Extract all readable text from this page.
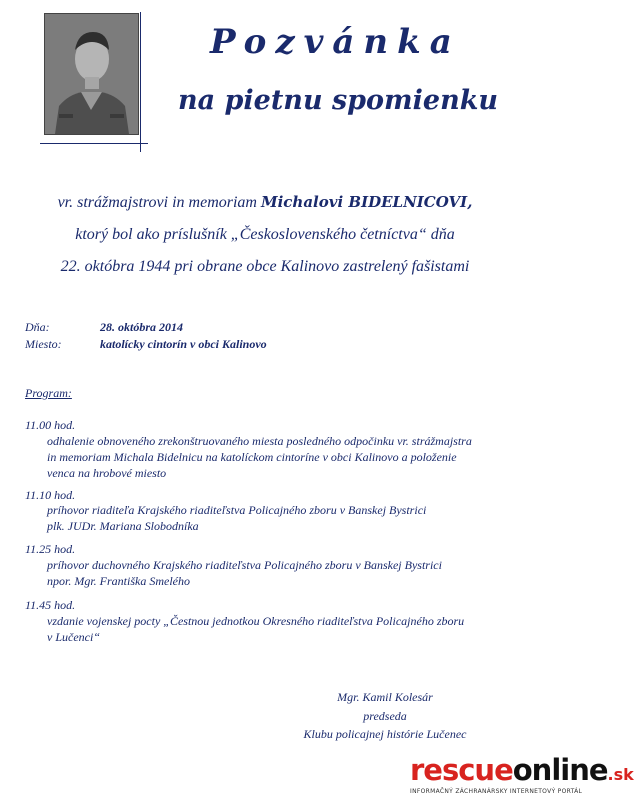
Pozvánka
na pietnu spomienku
vr. strážmajstrovi in memoriam Michalovi BIDELNICOVI,
ktorý bol ako príslušník „Československého četníctva“ dňa
22. októbra 1944 pri obrane obce Kalinovo zastrelený fašistami
Dňa:	28. októbra 2014
Miesto:	katolícky cintorín v obci Kalinovo
Program:
11.00 hod.
odhalenie obnoveného zrekonštruovaného miesta posledného odpočinku vr. strážmajstra
in memoriam Michala Bidelnicu na katolíckom cintoríne v obci Kalinovo a položenie
venca na hrobové miesto
11.10 hod.
príhovor riaditeľa Krajského riaditeľstva Policajného zboru v Banskej Bystrici
plk. JUDr. Mariana Slobodníka
11.25 hod.
príhovor duchovného Krajského riaditeľstva Policajného zboru v Banskej Bystrici
npor. Mgr. Františka Smelého
11.45 hod.
vzdanie vojenskej pocty „Čestnou jednotkou Okresného riaditeľstva Policajného zboru
v Lučenci“
Mgr. Kamil Kolesár
predseda
Klubu policajnej histórie Lučenec
rescueonline.sk
INFORMAČNÝ ZÁCHRANÁRSKY INTERNETOVÝ PORTÁL
